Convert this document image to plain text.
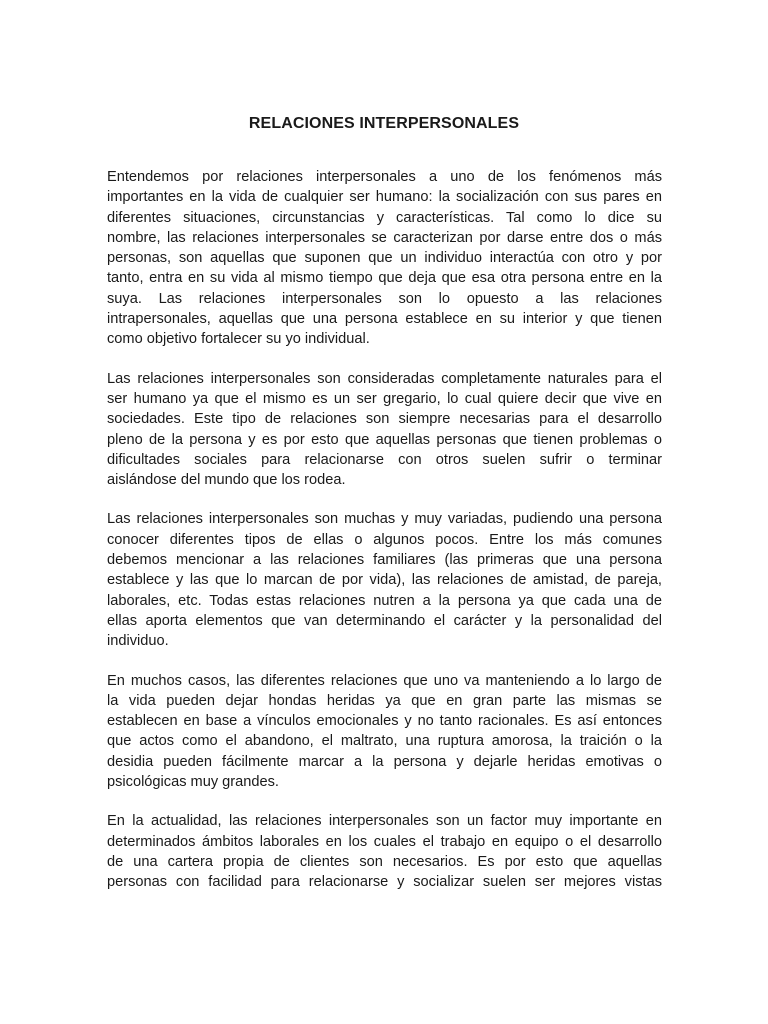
RELACIONES INTERPERSONALES
Entendemos por relaciones interpersonales a uno de los fenómenos más
importantes en la vida de cualquier ser humano: la socialización con sus pares en
diferentes situaciones, circunstancias y características. Tal como lo dice su
nombre, las relaciones interpersonales se caracterizan por darse entre dos o más
personas, son aquellas que suponen que un individuo interactúa con otro y por
tanto, entra en su vida al mismo tiempo que deja que esa otra persona entre en la
suya. Las relaciones interpersonales son lo opuesto a las relaciones
intrapersonales, aquellas que una persona establece en su interior y que tienen
como objetivo fortalecer su yo individual.
Las relaciones interpersonales son consideradas completamente naturales para el
ser humano ya que el mismo es un ser gregario, lo cual quiere decir que vive en
sociedades. Este tipo de relaciones son siempre necesarias para el desarrollo
pleno de la persona y es por esto que aquellas personas que tienen problemas o
dificultades sociales para relacionarse con otros suelen sufrir o terminar
aislándose del mundo que los rodea.
Las relaciones interpersonales son muchas y muy variadas, pudiendo una persona
conocer diferentes tipos de ellas o algunos pocos. Entre los más comunes
debemos mencionar a las relaciones familiares (las primeras que una persona
establece y las que lo marcan de por vida), las relaciones de amistad, de pareja,
laborales, etc. Todas estas relaciones nutren a la persona ya que cada una de
ellas aporta elementos que van determinando el carácter y la personalidad del
individuo.
En muchos casos, las diferentes relaciones que uno va manteniendo a lo largo de
la vida pueden dejar hondas heridas ya que en gran parte las mismas se
establecen en base a vínculos emocionales y no tanto racionales. Es así entonces
que actos como el abandono, el maltrato, una ruptura amorosa, la traición o la
desidia pueden fácilmente marcar a la persona y dejarle heridas emotivas o
psicológicas muy grandes.
En la actualidad, las relaciones interpersonales son un factor muy importante en
determinados ámbitos laborales en los cuales el trabajo en equipo o el desarrollo
de una cartera propia de clientes son necesarios. Es por esto que aquellas
personas con facilidad para relacionarse y socializar suelen ser mejores vistas
